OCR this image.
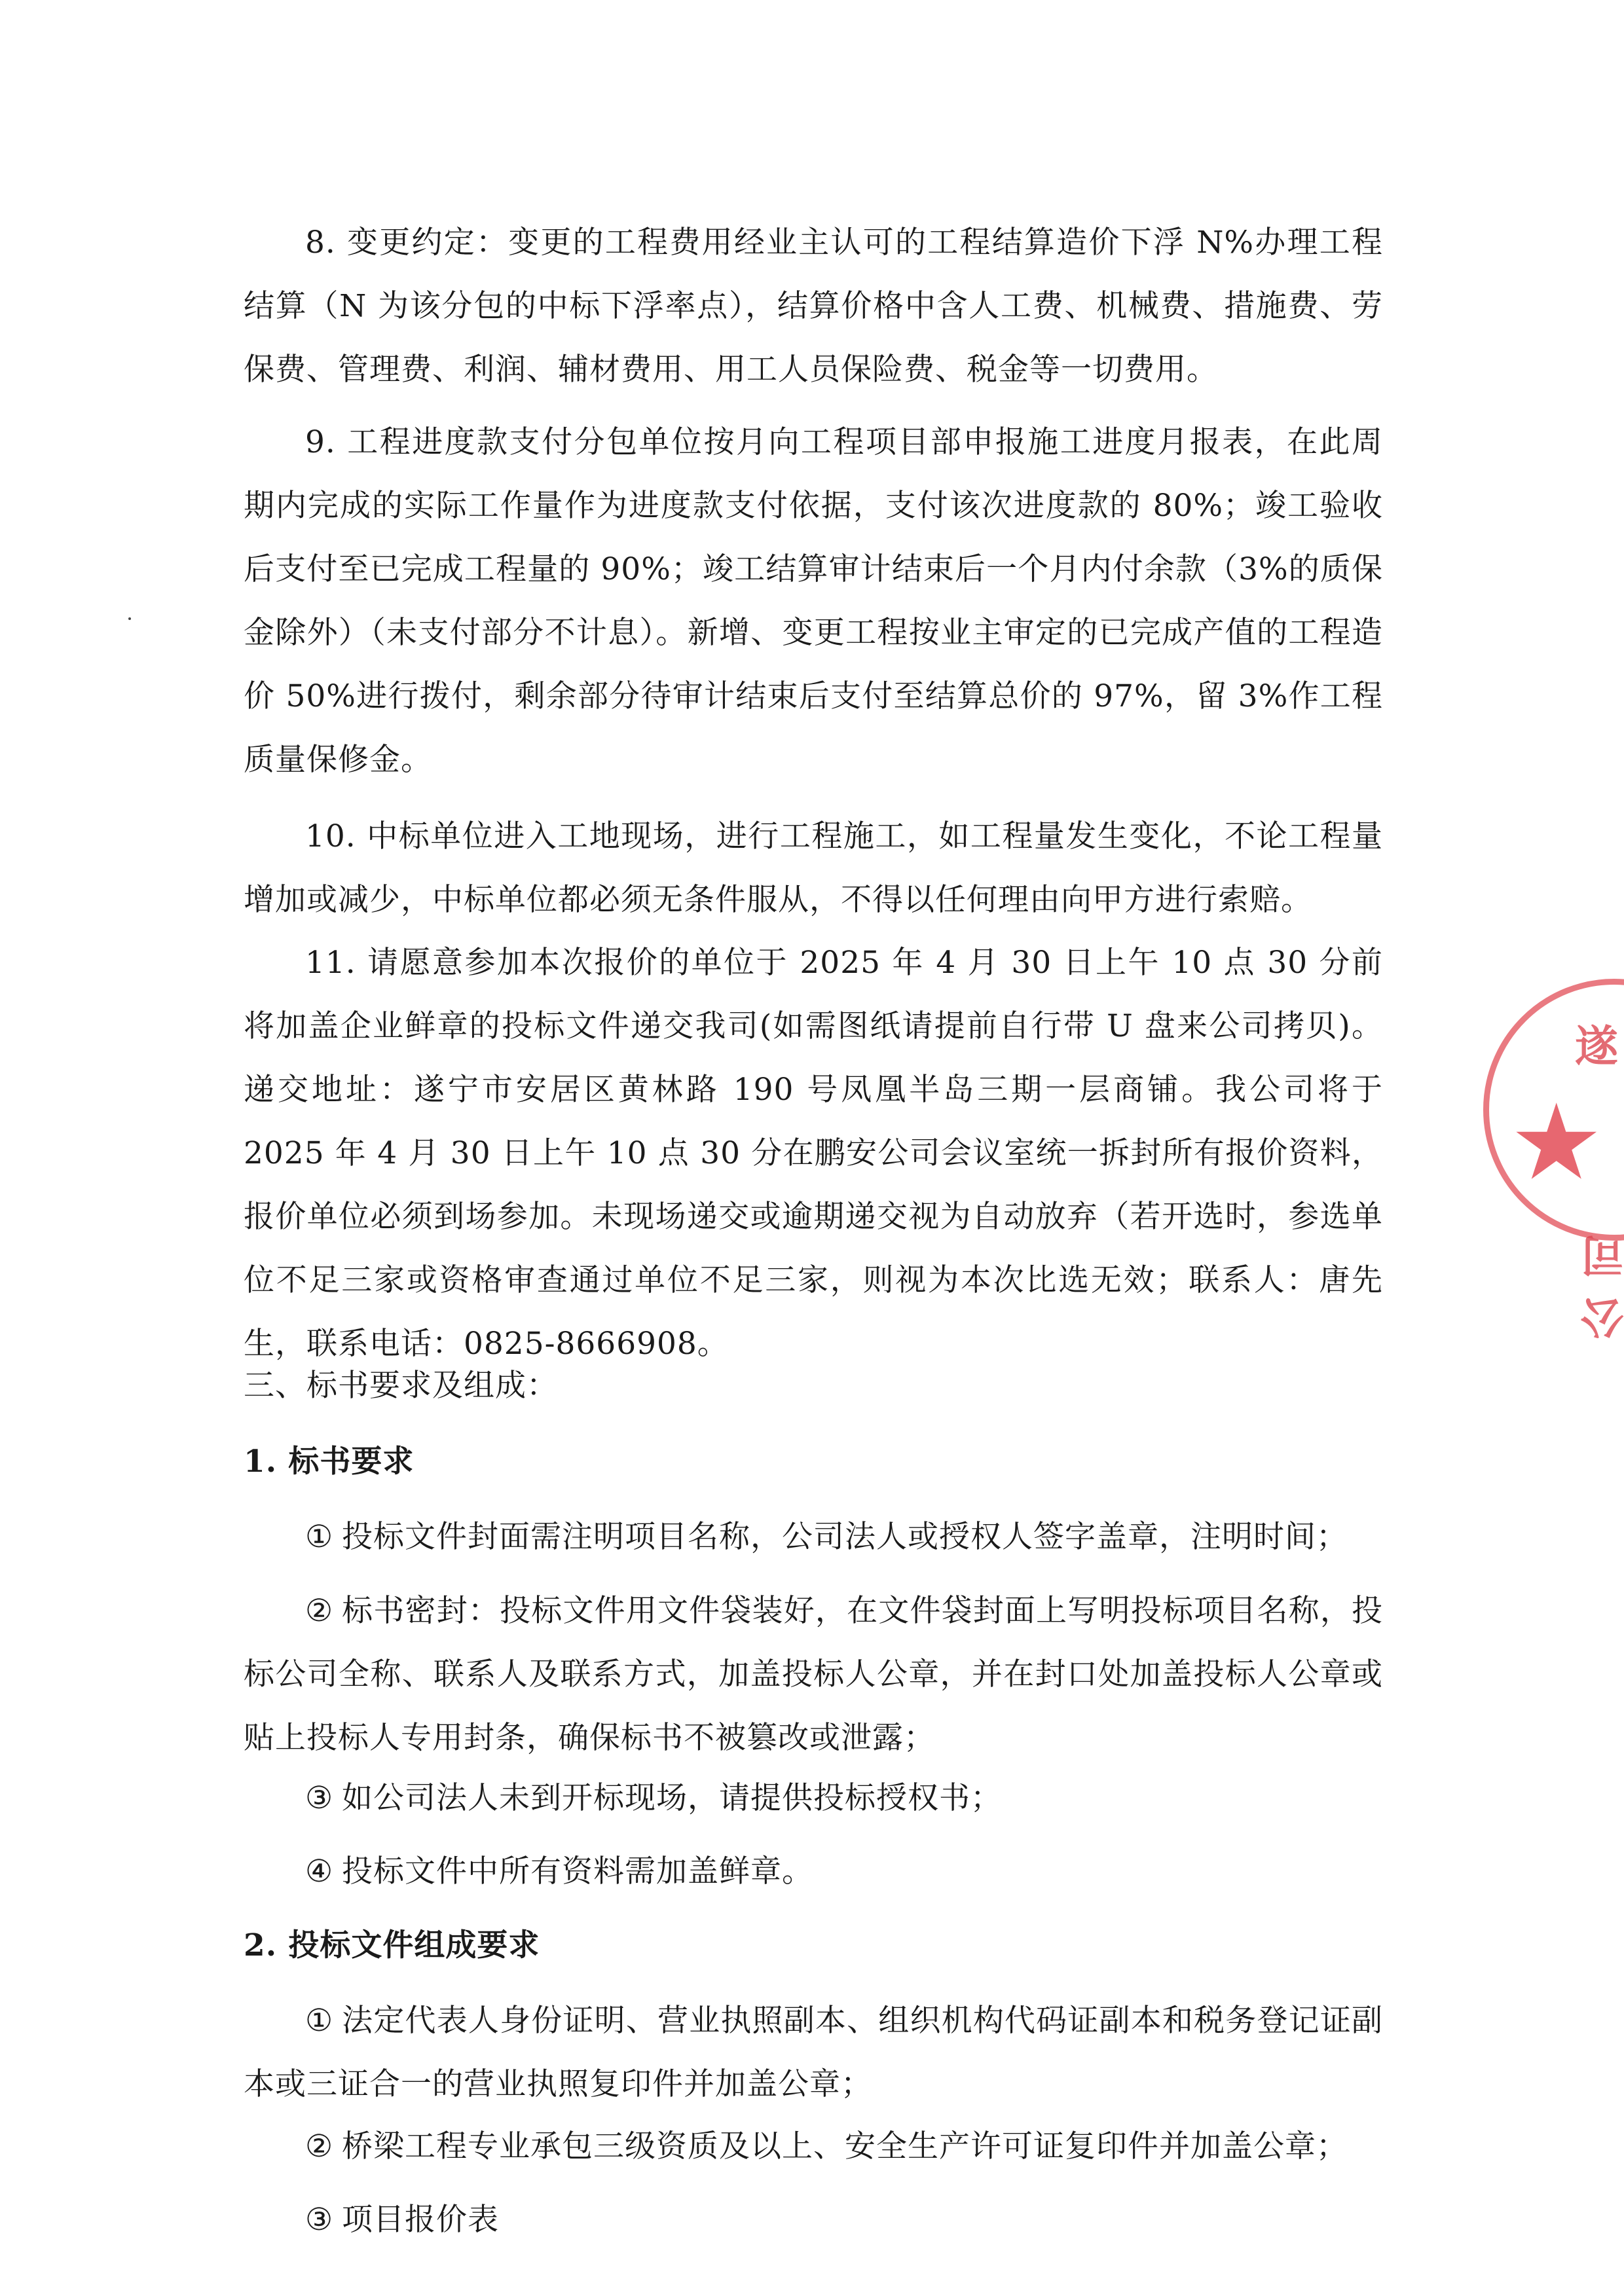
8. 变更约定：变更的工程费用经业主认可的工程结算造价下浮 N%办理工程结算（N 为该分包的中标下浮率点），结算价格中含人工费、机械费、措施费、劳保费、管理费、利润、辅材费用、用工人员保险费、税金等一切费用。

9. 工程进度款支付分包单位按月向工程项目部申报施工进度月报表，在此周期内完成的实际工作量作为进度款支付依据，支付该次进度款的 80%；竣工验收后支付至已完成工程量的 90%；竣工结算审计结束后一个月内付余款（3%的质保金除外）（未支付部分不计息）。新增、变更工程按业主审定的已完成产值的工程造价 50%进行拨付，剩余部分待审计结束后支付至结算总价的 97%，留 3%作工程质量保修金。

10. 中标单位进入工地现场，进行工程施工，如工程量发生变化，不论工程量增加或减少，中标单位都必须无条件服从，不得以任何理由向甲方进行索赔。

11. 请愿意参加本次报价的单位于 2025 年 4 月 30 日上午 10 点 30 分前将加盖企业鲜章的投标文件递交我司(如需图纸请提前自行带 U 盘来公司拷贝)。递交地址：遂宁市安居区黄林路 190 号凤凰半岛三期一层商铺。我公司将于 2025 年 4 月 30 日上午 10 点 30 分在鹏安公司会议室统一拆封所有报价资料，报价单位必须到场参加。未现场递交或逾期递交视为自动放弃（若开选时，参选单位不足三家或资格审查通过单位不足三家，则视为本次比选无效；联系人：唐先生，联系电话：0825-8666908。

三、标书要求及组成：

1. 标书要求

① 投标文件封面需注明项目名称，公司法人或授权人签字盖章，注明时间；

② 标书密封：投标文件用文件袋装好，在文件袋封面上写明投标项目名称，投标公司全称、联系人及联系方式，加盖投标人公章，并在封口处加盖投标人公章或贴上投标人专用封条，确保标书不被篡改或泄露；

③ 如公司法人未到开标现场，请提供投标授权书；

④ 投标文件中所有资料需加盖鲜章。

2. 投标文件组成要求

① 法定代表人身份证明、营业执照副本、组织机构代码证副本和税务登记证副本或三证合一的营业执照复印件并加盖公章；

② 桥梁工程专业承包三级资质及以上、安全生产许可证复印件并加盖公章；

③ 项目报价表

★
遂
公司
